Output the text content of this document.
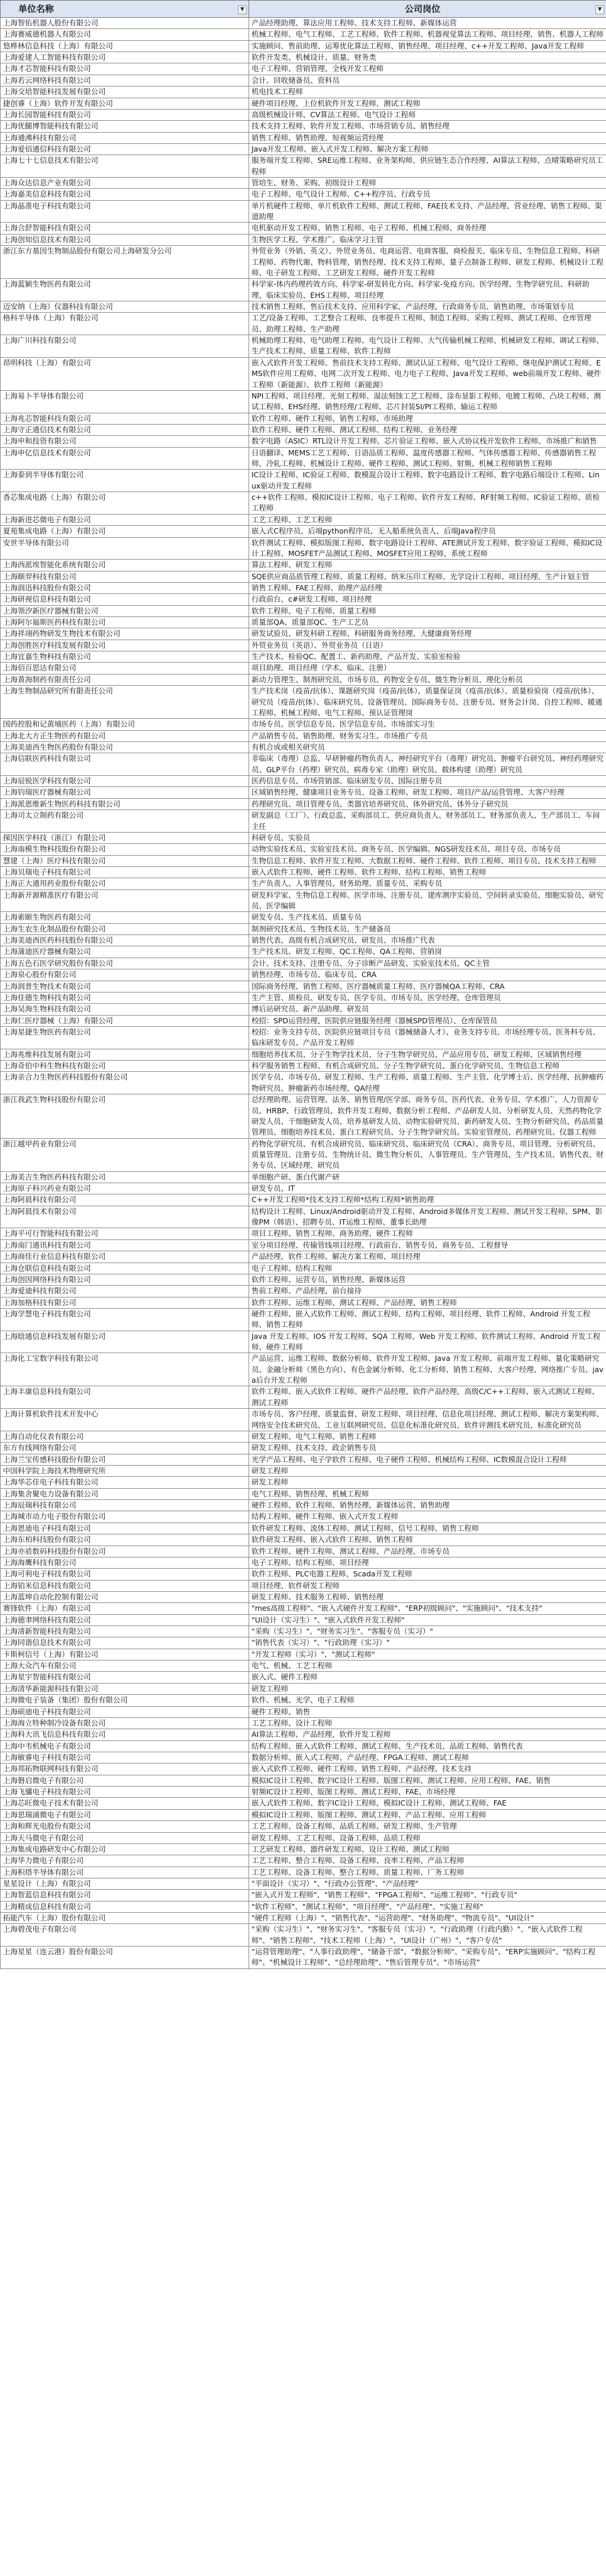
单位名称 ▼	公司岗位 ▼

上海智佑机器人股份有限公司	产品经理助理、算法应用工程师、技术支持工程师、新媒体运营
上海赛威德机器人有限公司	机械工程师、电气工程师、工艺工程师、软件工程师、机器视觉算法工程师、项目经理、销售、机器人工程师
悠桦林信息科技（上海）有限公司	实施顾问、售前助理、运筹优化算法工程师、销售经理、项目经理、c++开发工程师、Java开发工程师
上海爱建人工智能科技有限公司	软件开发类、机械设计、质量、财务类
上海才芯智能科技有限公司	电子工程师、营销管理、全栈开发工程师
上海若云网络科技有限公司	会计、回收储备员、资料员
上海交培智能科技发展有限公司	机电技术工程师
捷创睿（上海）软件开发有限公司	硬件项目经理、上位机软件开发工程师、测试工程师
上海长园智能科技有限公司	高级机械设计师、CV算法工程师、电气设计工程师
上海优腿博智能科技有限公司	技术支持工程师、软件开发工程师、市场营销专员、销售经理
上海通沸科技有限公司	销售工程师、销售助理、短视频运营经理
上海爱佰通信科技有限公司	Java开发工程师、嵌入式开发工程师、解决方案工程师
上海七十七信息技术有限公司	服务端开发工程师、SRE运维工程师、业务架构师、供应链生态合作经理、AI算法工程师、点晴策略研究员工程师
上海众达信息产业有限公司	管培生、财务、采购、初级设计工程师
上海嘉美信息科技有限公司	电子工程师、电气设计工程师、C++程序员、行政专员
上海晶准电子科技有限公司	单片机硬件工程师、单片机软件工程师、测试工程师、FAE技术支持、产品经理、营业经理、销售工程师、渠道助理
上海合舒智能科技有限公司	电机驱动开发工程师、销售工程师、电子工程师、机械工程师、商务经理
上海创知信息技术有限公司	生物医学工程、学术推广、临床学习主管
浙江东方基因生物制品股份有限公司上海研发分公司	外贸业务（外销、英文）、外贸业务员、电商运营、电商客服、商检报关、临床专员、生物信息工程师、科研工程师、药物代谢、物料管理、销售经理、技术支持工程师、量子点制备工程师、研发工程师、机械设计工程师、电子研发工程师、工艺研发工程师、硬件开发工程师
上海蓝颖生物医药有限公司	科学家-体内药理药效方向、科学家-研发转化方向、科学家-免疫方向、医学经理、生物学研究员、科研助理、临床实验员、EHS工程师、项目经理
迈安纳（上海）仪器科技有限公司	技术销售工程师、售后技术支持、应用科学家、产品经理、行政商务专员、销售助理、市场策划专员
格科半导体（上海）有限公司	工艺/设备工程师、工艺整合工程师、良率提升工程师、制造工程师、采购工程师、测试工程师、仓库管理员、助理工程师、生产助理
上海广川科技有限公司	机械助理工程师、电气助理工程师、电气设计工程师、大气传输机械工程师、机械研发工程师、调试工程师、生产技术工程师、质量工程师、软件工程师
昂明科技（上海）有限公司	嵌入式软件开发工程师、售前技术支持工程师、测试认证工程师、电气设计工程师、继电保护测试工程师、EMS软件应用工程师、电网二次开发工程师、电力电子工程师、Java开发工程师、web前端开发工程师、硬件工程师（新能源）、软件工程师（新能源）
上海易卜半导体有限公司	NPI工程师、项目经理、光刻工程师、湿法刻蚀工艺工程师、涂布显影工程师、电镀工程师、凸块工程师、测试工程师、EHS经理、销售经理/工程师、芯片封装SI/PI工程师、输运工程师
上海兆芯智能科技有限公司	软件工程师、硬件工程师、销售工程师、市场助理
上海守正通信技术有限公司	软件工程师、硬件工程师、测试工程师、结构工程师、业务经理
上海申和投资有限公司	数字电路（ASIC）RTL设计开发工程师、芯片验证工程师、嵌入式协议栈开发软件工程师、市场推广和销售
上海申亿信息技术有限公司	日语翻译、MEMS工艺工程师、日语品质工程师、温度传感器工程师、气体传感器工程师、传感器销售工程师、冷轧工程师、机械设计工程师、硬件工程师、测试工程师、射频、机械工程师销售工程师
上海泰到半导体有限公司	IC设计工程师、IC验证工程师、数模混合设计工程师、数字电路设计工程师、数字电路后端设计工程师、Linux驱动开发工程师
香芯集成电路（上海）有限公司	c++软件工程师、模拟IC设计工程师、电子工程师、软件开发工程师、RF射频工程师、IC验证工程师、质检工程师
上海新进芯微电子有限公司	工艺工程师、工艺工程师
夏苑集成电路（上海）有限公司	嵌入式C程序员、后端python程序员、无人船系统负责人、后端Java程序员
安世半导体有限公司	软件测试工程师、模拟版图工程师、数字电路设计工程师、ATE测试开发工程师、数字验证工程师、模拟IC设计工程师、MOSFET产品测试工程师、MOSFET应用工程师、系统工程师
上海西派埃智能化系统有限公司	算法工程师、研发工程师
上海颐羿科技有限公司	SQE供应商品质管理工程师、质量工程师、纳米压印工程师、光学设计工程师、项目经理、生产计划主管
上海润迅科技股份有限公司	销售工程师、FAE工程师、助理产品经理
上海研视信息科技有限公司	行政前台、c#研发工程师、项目经理
上海领汐新医疗器械有限公司	软件工程师、电子工程师、质量工程师
上海阿尔福斯医药科技有限公司	质量部QA、质量部QC、生产工艺员
上海祥翊药物研发生物技术有限公司	研发试验员、研发科研工程师、科研服务商务经理、大健康商务经理
上海创胜医疗科技发展有限公司	外贸业务员（英语）、外贸业务员（日语）
上海宜嘉生物科技有限公司	生产技术、检验QC、配置工、新药助理、产品开发、实验室检验
上海佰百思达有限公司	项目助理、项目经理（学术、临床、注册）
上海黄海制药有限责任公司	新动力管理生、制剂研究员、市场专员、药物安全专员、微生物分析员、理化分析员
上海生物制品研究所有限责任公司	生产技术岗（疫苗/抗体）、课题研究岗（疫苗/抗体）、质量保证岗（疫苗/抗体）、质量检验岗（疫苗/抗体）、研究员（疫苗/抗体）、临床研究员、设备管理员、国际商务专员、注册专员、财务会计岗、自控工程师、暖通工程师、机械工程师、电气工程师、预认证管理岗
国药控股和记黄埔医药（上海）有限公司	市场专员、医学信息专员、医学信息专员、市场部实习生
上海北大方正生物医药有限公司	产品销售专员、销售助理、财务实习生、市场推广专员
上海美迪西生物医药股份有限公司	有机合成或相关研究员
上海信联医药科技有限公司	非临床（毒理）总监、早研肿瘤药物负责人、神经研究平台（毒理）研究员、肿瘤平台研究员、神经药理研究员、GLP平台（药理）研究员、病毒专家（助理）研究员、载体构建（助理）研究员
上海辰锐医学科技有限公司	医药信息专员、市场营销部、临床研发专员、国际注册专员
上海钧瑞医疗器械有限公司	区域销售经理、健康项目业务专员、设备工程师、研发工程师、项目/产品/运营管理、大客户经理
上海派恩维新生物医药科技有限公司	药理研究员、项目管理专员、类器官培养研究员、体外研究员、体外分子研究员
上海司太立制药有限公司	研发副总（工厂）、行政总监、采购部员工、供应商负责人、财务部员工、财务部负责人、生产部员工、车间主任
探因医学科技（浙江）有限公司	科研专员、实验员
上海南模生物科技股份有限公司	动物实验技术员、实验室技术员、商务专员、医学编辑、NGS研发技术员、项目专员、市场专员
慧建（上海）医疗科技有限公司	生物信息工程师、软件开发工程师、大数据工程师、硬件工程师、软件工程师、项目专员、技术支持工程师
上海贝瑞电子科技有限公司	嵌入式软件工程师、硬件工程师、软件工程师、结构工程师、销售工程师
上海正大通用药业股份有限公司	生产负责人、人事管理员、财务助理、质量专员、采购专员
上海新开源精准医疗有限公司	研发科学家、生物信息工程师、医学市场、注册专员、建库测序实验员、空间转录实验员、细胞实验员、研究员、医学编辑
上海索颐生物医药有限公司	研发专员、生产技术员、质量专员
上海生农生化制品股份有限公司	制剂研究技术员、生物技术员、生产储备员
上海美迪西医药科技股份有限公司	销售代表、高级有机合成研究员、研发员、市场推广代表
上海蒲迪医疗器械有限公司	生产技术员、研发工程师、QC工程师、QA工程师、营销岗
上海五色石医学研究股份有限公司	会计、技术支持、注册专员、分子诊断产品研发、实验室技术员、QC主管
上海泉心股份有限公司	销售经理、市场专员、临床专员、CRA
上海润普生物技术有限公司	国际商务经理、销售工程师、医疗器械质量工程师、医疗器械QA工程师、CRA
上海佳德生物科技有限公司	生产主管、质检员、研发专员、医学专员、市场专员、医学经理、仓库管理员
上海吴海生物科技有限公司	博后站研究员、新产品助理、研发员
上海仁医疗器械（上海）有限公司	校招：SPD运营经理、医院供应链服务经理（器械SPD管理员）、仓库保管员
上海星捷生物医药有限公司	校招：业务支持专员、医院供应链项目专员（器械储备人才）、业务支持专员、市场经理专员、医务科专员、临床研发专员、产品开发工程师
上海兆维科技发展有限公司	细胞培养技术员、分子生物学技术员、分子生物学研究员、产品应用专员、研发工程师、区域销售经理
上海奇伯中科生物科技有限公司	科学服务销售工程师、有机合成研究员、分子生物学研究员、蛋白化学研究员、生物信息工程师
上海亲合力生物医药科技股份有限公司	医学专员、市场专员、研发工程师、生产工程师、质量工程师、生产主管、化学博士后、医学经理、抗肿瘤药物研究员、肿瘤新药市场经理、QA经理
浙江我武生物科技股份有限公司	总经理助理、运营管理、法务、销售管理/医学部、商务专员、医药代表、业务专员、学术推广、人力资源专员、HRBP、行政管理员、软件开发工程师、数据分析工程师、产品研发人员、分析研发人员、天然药物化学研发人员、干细胞研发人员、培养基研发人员、动物实验研究员、新药研发人员、生物分析研究员、药品质量管理员、细胞培养技术员、蛋白工程研究员、分子生物学研究员、实验室管理员、药理研究员、仪器工程师
浙江越甲药业有限公司	药物化学研究员、有机合成研究员、临床研究员、临床研究员（CRA）、商务专员、项目管理、分析研究员、质量管理员、注册专员、生物统计员、微生物分析员、人事管理员、生产管理员、生产技术员、销售代表、财务专员、区域经理、研究员
上海美吉生物医药科技有限公司	单细胞产研、蛋白代谢产研
上海原子科兴药业有限公司	研发专员、IT
上海阿晨科技有限公司	C++开发工程师*技术支持工程师*结构工程师*销售助理
上海阿晨技术有限公司	结构设计工程师、Linux/Android驱动开发工程师、Android多媒体开发工程师、测试开发工程师、SPM、影像PM（韩语）、招聘专员、IT运维工程师、董事长助理
上海平可行智能科技有限公司	项目工程师、销售工程师、商务助理、硬件工程师
上海南门通讯科技有限公司	室分项目经理、传输管线项目经理、行政前台、销售专员、商务专员、工程督导
上海商佳行业信息科技有限公司	产品经理、软件工程师、解决方案工程师、项目经理
上海仓联信息科技有限公司	电子工程师、结构工程师
上海创因网络科技有限公司	软件工程师、运营专员、销售经理、新媒体运营
上海爱迪科技有限公司	售前工程师、产品经理、前台接待
上海加格科技有限公司	软件工程师、运维工程师、测试工程师、产品经理、销售工程师
上海学慧电子科技有限公司	硬件工程师、嵌入式软件工程师、测试工程师、结构工程师、项目经理、软件工程师、Android 开发工程师、销售工程师
上海晗通信息科技发展有限公司	Java 开发工程师、IOS 开发工程师、SQA 工程师、Web 开发工程师、软件测试工程师、Android 开发工程师、硬件工程师
上海化工宝数字科技有限公司	产品运营、运维工程师、数据分析师、软件开发工程师、Java 开发工程师、前端开发工程师、量化策略研究员、金融分析师（黑色方向）、有色金属分析师、化工分析师、销售工程师、大客户经理、网络推广专员、java后台开发工程师
上海丰康信息科技有限公司	软件工程师、嵌入式软件工程师、硬件产品经理、软件产品经理、高级C/C++工程师、嵌入式测试工程师、测试工程师
上海计算机软件技术开发中心	市场专员、客户经理、质量监督、研发工程师、项目经理、信息化项目经理、测试工程师、解决方案架构师、网络安全技术研究员、工业互联网研究员、信息化标准化研究员、软件评测技术研究员、标准化研究员
上海自动化仪表有限公司	研发工程师、电气工程师、销售工程师
东方有线网络有限公司	研发工程师、技术支持、政企销售专员
上海兰宝传感科技股份有限公司	光学产品工程师、电子学软件工程师、电子硬件工程师、机械结构工程师、IC数模混合设计工程师
中国科学院上海技术物理研究所	研发工程师
上海华芯佳电子科技有限公司	研发工程师
上海集舍聚电力设备有限公司	电气工程师、销售经理、机械工程师
上海辰瑞科技有限公司	硬件工程师、软件工程师、销售经理、新媒体运营、销售助理
上海城市动力电子股份有限公司	结构工程师、硬件工程师、嵌入式开发工程师
上海恩迪电子科技有限公司	软件研发工程师、流体工程师、测试工程师、信号工程师、销售工程师
上海东柏科技股份有限公司	软件研发工程师、嵌入式软件工程师、销售工程师
上海亦盾数码科技股份有限公司	软件工程师、硬件工程师、测试工程师、产品经理、市场专员
上海海鹰科技有限公司	电子工程师、结构工程师、项目经理
上海可利电子科技有限公司	软件工程师、PLC电器工程师、Scada开发工程师
上海铂米信息科技有限公司	项目经理、软件研发工程师
上海蓝坤自动化控制有限公司	研发工程师、技术服务工程师、销售经理
赛锋软件（上海）有限公司	"mes高级工程师"、"嵌入式硬件开发工程师"、"ERP初级顾问"、"实施顾问"、"技术支持"
上海德聿网络科技有限公司	"UI设计（实习生）"、"嵌入式软件开发工程师"
上海清新智能科技有限公司	"采购（实习生）"、"财务实习生"、"客服专员（实习）"
上海同谐信息技术有限公司	"销售代表（实习）"、"行政助理（实习）"
卡斯柯信号（上海）有限公司	"开发工程师（实习）"、"测试工程师"
上海大众汽车有限公司	电气、机械、工艺工程师
上海星宇智能科技有限公司	嵌入式、硬件工程师
上海清华新能源科技有限公司	研发工程师
上海微电子装备（集团）股份有限公司	软件、机械、光学、电子工程师
上海硕迪电子科技有限公司	硬件工程师、销售
上海海立特种制冷设备有限公司	工艺工程师、设计工程师
上海科大讯飞信息科技有限公司	AI算法工程师、产品经理、软件开发工程师
上海中韦机械电子有限公司	结构工程师、嵌入式软件工程师、测试工程师、生产技术员、品质工程师、销售代表
上海敏睿电子科技有限公司	数据分析师、嵌入式工程师、产品经理、FPGA工程师、测试工程师
上海邦拓物联网科技有限公司	嵌入式软件工程师、硬件工程师、销售工程师、产品经理、技术支持
上海磐启微电子有限公司	模拟IC设计工程师、数字IC设计工程师、版图工程师、测试工程师、应用工程师、FAE、销售
上海飞骧电子科技有限公司	射频IC设计工程师、版图工程师、测试工程师、FAE、市场经理
上海芯旺微电子技术有限公司	嵌入式软件工程师、数字IC设计工程师、模拟IC设计工程师、测试工程师、FAE
上海思瑞浦微电子有限公司	模拟IC设计工程师、版图工程师、测试工程师、产品工程师、应用工程师
上海和辉光电股份有限公司	工艺工程师、设备工程师、品质工程师、研发工程师、生产管理
上海天马微电子有限公司	研发工程师、工艺工程师、设备工程师、品质工程师
上海集成电路研发中心有限公司	工艺研发工程师、器件研发工程师、设计工程师、测试工程师
上海华力微电子有限公司	工艺工程师、整合工程师、设备工程师、良率工程师、产品工程师
上海积塔半导体有限公司	工艺工程师、设备工程师、整合工程师、质量工程师、厂务工程师
星星设计（上海）有限公司	"平面设计（实习）"、"行政办公管理"、"产品经理"
上海智蓝信息科技有限公司	"嵌入式开发工程师"、"销售工程师"、"FPGA工程师"、"运维工程师"、"行政专员"
上海精成信息科技有限公司	"软件工程师"、"测试工程师"、"项目经理"、"产品经理"、"实施工程师"
拓能汽车（上海）股份有限公司	"硬件工程师（上海）"、"销售代表"、"运营助理"、"财务助理"、"物流专员"、"UI设计"
上海碧茂电子有限公司	"采购（实习生）"、"财务实习生"、"客服专员（实习）"、"行政助理（行政内勤）"、"嵌入式软件工程师"、"销售工程师"、"技术工程师（上海）"、"UI设计（广州）"、"客户专员"
上海星星（连云港）股份有限公司	"运营管理助理"、"人事行政助理"、"储备干部"、"数据分析师"、"采购专员"、"ERP实施顾问"、"结构工程师"、"机械设计工程师"、"总经理助理"、"售后管理专员"、"市场运营"
